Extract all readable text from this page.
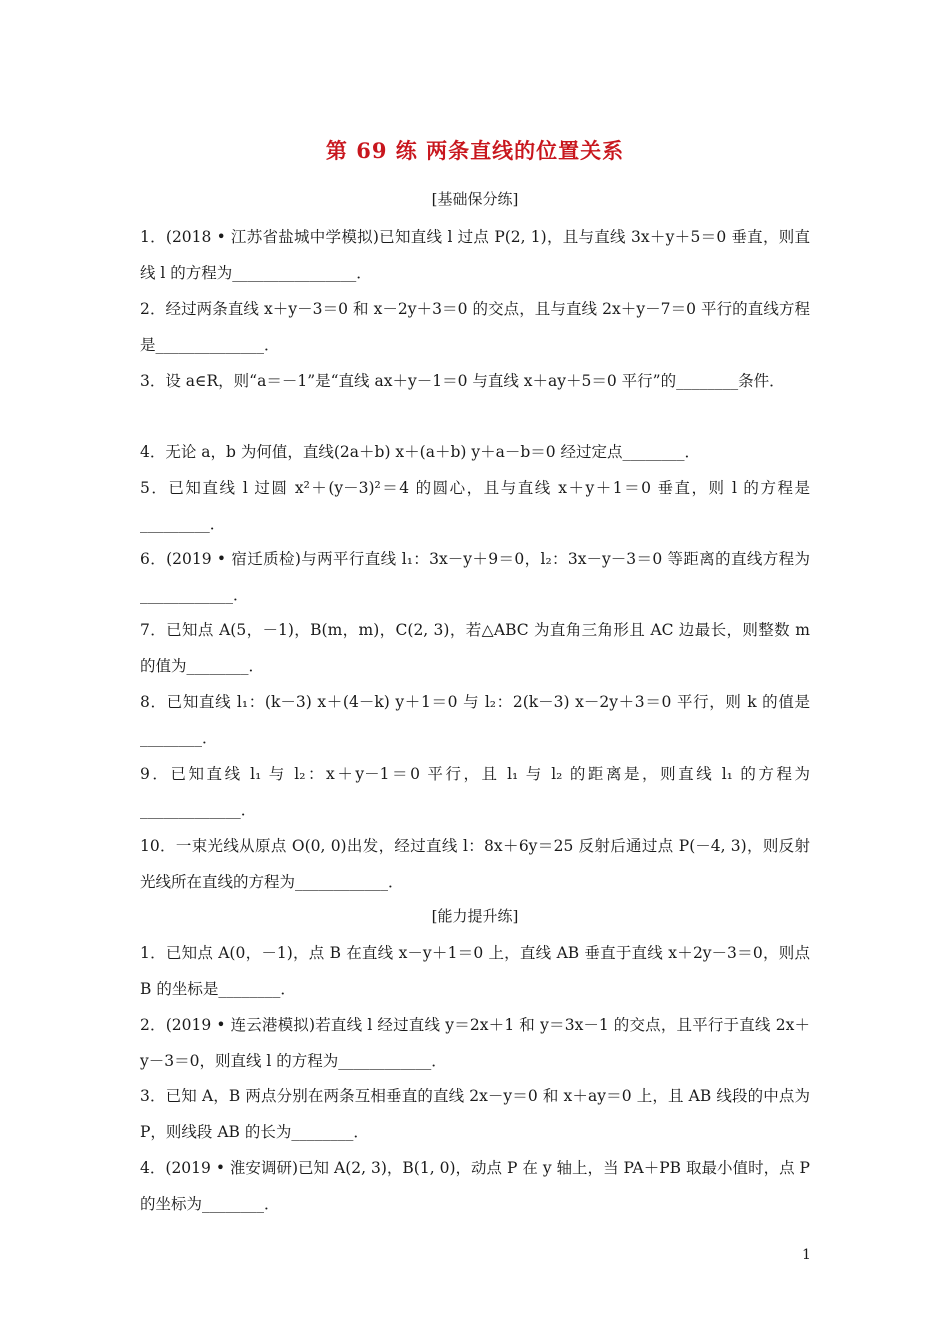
第 69 练 两条直线的位置关系
[基础保分练]
1．(2018 • 江苏省盐城中学模拟)已知直线 l 过点 P(2, 1)，且与直线 3x＋y＋5＝0 垂直，则直线 l 的方程为________________．
2．经过两条直线 x＋y－3＝0 和 x－2y＋3＝0 的交点，且与直线 2x＋y－7＝0 平行的直线方程是______________．
3．设 a∈R，则“a＝－1”是“直线 ax＋y－1＝0 与直线 x＋ay＋5＝0 平行”的________条件．
4．无论 a，b 为何值，直线(2a＋b) x＋(a＋b) y＋a－b＝0 经过定点________．
5．已知直线 l 过圆 x²＋(y－3)²＝4 的圆心，且与直线 x＋y＋1＝0 垂直，则 l 的方程是_________．
6．(2019 • 宿迁质检)与两平行直线 l₁：3x－y＋9＝0，l₂：3x－y－3＝0 等距离的直线方程为____________．
7．已知点 A(5，－1)，B(m，m)，C(2, 3)，若△ABC 为直角三角形且 AC 边最长，则整数 m 的值为________．
8．已知直线 l₁：(k－3) x＋(4－k) y＋1＝0 与 l₂：2(k－3) x－2y＋3＝0 平行，则 k 的值是________．
9．已知直线 l₁ 与 l₂：x＋y－1＝0 平行，且 l₁ 与 l₂ 的距离是，则直线 l₁ 的方程为_____________．
10．一束光线从原点 O(0, 0)出发，经过直线 l：8x＋6y＝25 反射后通过点 P(－4, 3)，则反射光线所在直线的方程为____________．
[能力提升练]
1．已知点 A(0，－1)，点 B 在直线 x－y＋1＝0 上，直线 AB 垂直于直线 x＋2y－3＝0，则点 B 的坐标是________．
2．(2019 • 连云港模拟)若直线 l 经过直线 y＝2x＋1 和 y＝3x－1 的交点，且平行于直线 2x＋y－3＝0，则直线 l 的方程为____________．
3．已知 A，B 两点分别在两条互相垂直的直线 2x－y＝0 和 x＋ay＝0 上，且 AB 线段的中点为 P，则线段 AB 的长为________．
4．(2019 • 淮安调研)已知 A(2, 3)，B(1, 0)，动点 P 在 y 轴上，当 PA＋PB 取最小值时，点 P 的坐标为________．
1
